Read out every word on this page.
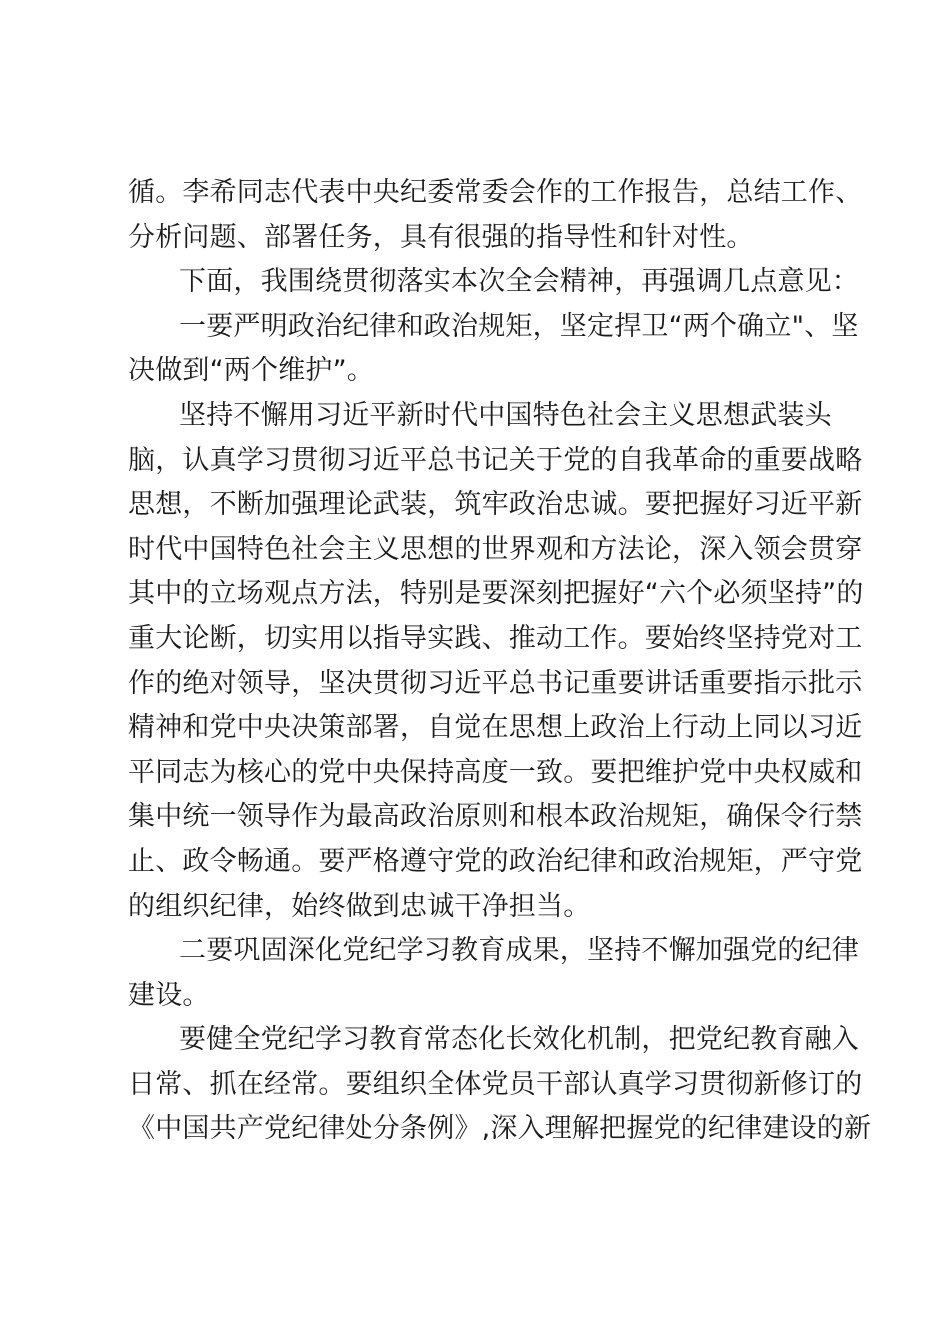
循。李希同志代表中央纪委常委会作的工作报告，总结工作、
分析问题、部署任务，具有很强的指导性和针对性。
下面，我围绕贯彻落实本次全会精神，再强调几点意见：
一要严明政治纪律和政治规矩，坚定捍卫“两个确立"、坚
决做到“两个维护”。
坚持不懈用习近平新时代中国特色社会主义思想武装头
脑，认真学习贯彻习近平总书记关于党的自我革命的重要战略
思想，不断加强理论武装，筑牢政治忠诚。要把握好习近平新
时代中国特色社会主义思想的世界观和方法论，深入领会贯穿
其中的立场观点方法，特别是要深刻把握好“六个必须坚持”的
重大论断，切实用以指导实践、推动工作。要始终坚持党对工
作的绝对领导，坚决贯彻习近平总书记重要讲话重要指示批示
精神和党中央决策部署，自觉在思想上政治上行动上同以习近
平同志为核心的党中央保持高度一致。要把维护党中央权威和
集中统一领导作为最高政治原则和根本政治规矩，确保令行禁
止、政令畅通。要严格遵守党的政治纪律和政治规矩，严守党
的组织纪律，始终做到忠诚干净担当。
二要巩固深化党纪学习教育成果，坚持不懈加强党的纪律
建设。
要健全党纪学习教育常态化长效化机制，把党纪教育融入
日常、抓在经常。要组织全体党员干部认真学习贯彻新修订的
《中国共产党纪律处分条例》,深入理解把握党的纪律建设的新
